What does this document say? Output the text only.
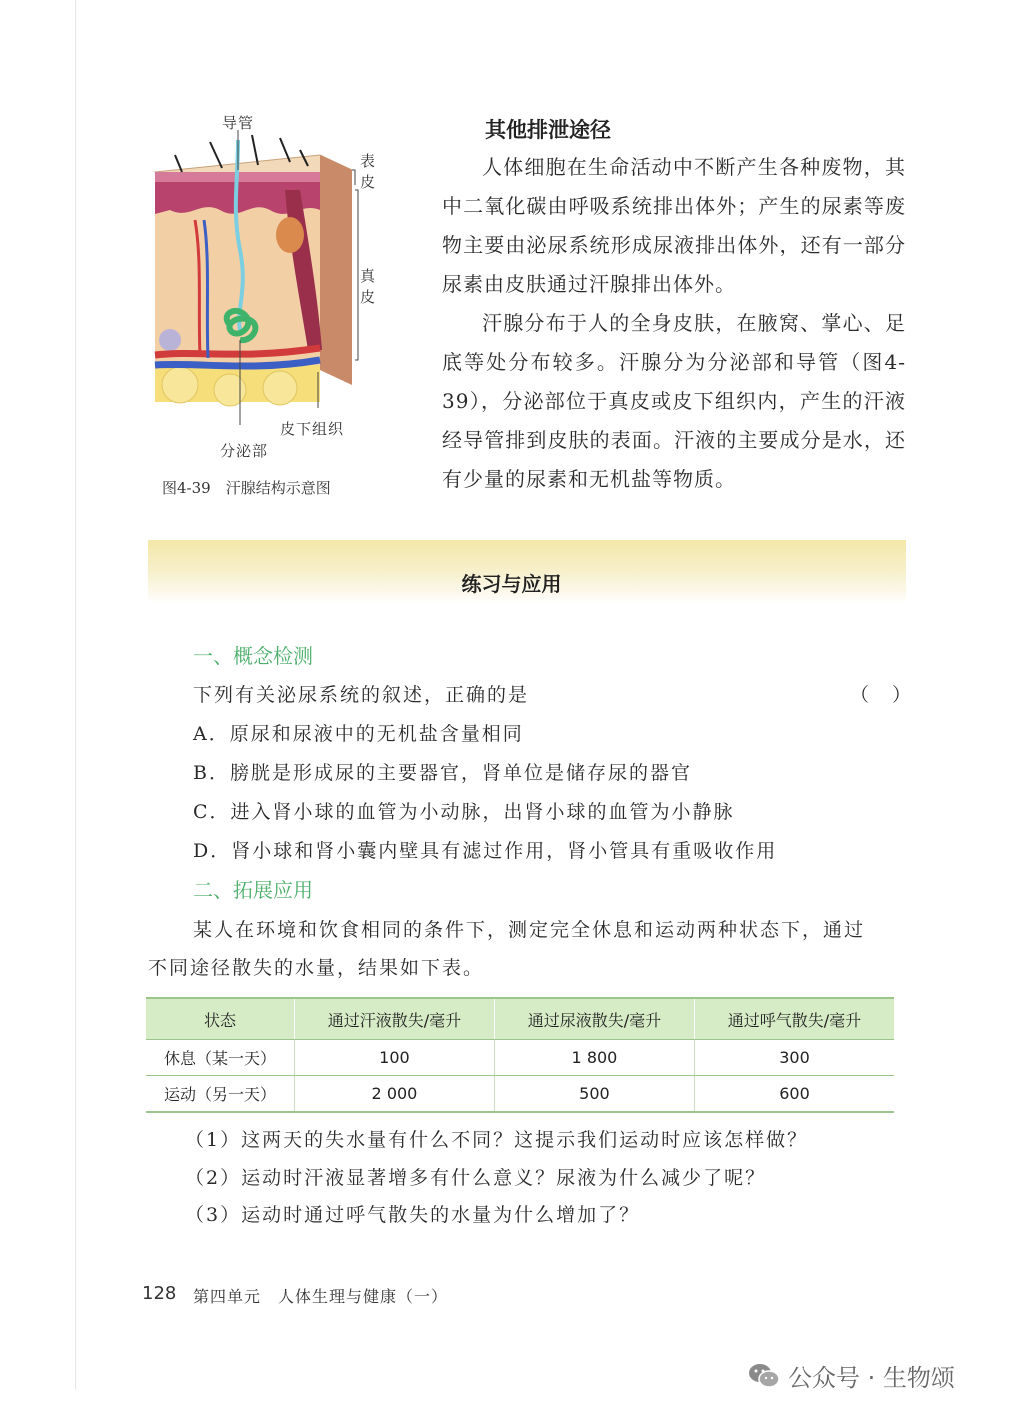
导管
表皮
真皮
皮下组织
分泌部
图4-39　汗腺结构示意图
其他排泄途径

人体细胞在生命活动中不断产生各种废物，其中二氧化碳由呼吸系统排出体外；产生的尿素等废物主要由泌尿系统形成尿液排出体外，还有一部分尿素由皮肤通过汗腺排出体外。

汗腺分布于人的全身皮肤，在腋窝、掌心、足底等处分布较多。汗腺分为分泌部和导管（图4-39），分泌部位于真皮或皮下组织内，产生的汗液经导管排到皮肤的表面。汗液的主要成分是水，还有少量的尿素和无机盐等物质。

练习与应用
一、概念检测
下列有关泌尿系统的叙述，正确的是	（　）
A．原尿和尿液中的无机盐含量相同
B．膀胱是形成尿的主要器官，肾单位是储存尿的器官
C．进入肾小球的血管为小动脉，出肾小球的血管为小静脉
D．肾小球和肾小囊内壁具有滤过作用，肾小管具有重吸收作用
二、拓展应用
某人在环境和饮食相同的条件下，测定完全休息和运动两种状态下，通过
不同途径散失的水量，结果如下表。
状态	通过汗液散失/毫升	通过尿液散失/毫升	通过呼气散失/毫升
休息（某一天）	100	1 800	300
运动（另一天）	2 000	500	600
（1）这两天的失水量有什么不同？这提示我们运动时应该怎样做？
（2）运动时汗液显著增多有什么意义？尿液为什么减少了呢？
（3）运动时通过呼气散失的水量为什么增加了？
128 第四单元　人体生理与健康（一）
公众号 · 生物颂
